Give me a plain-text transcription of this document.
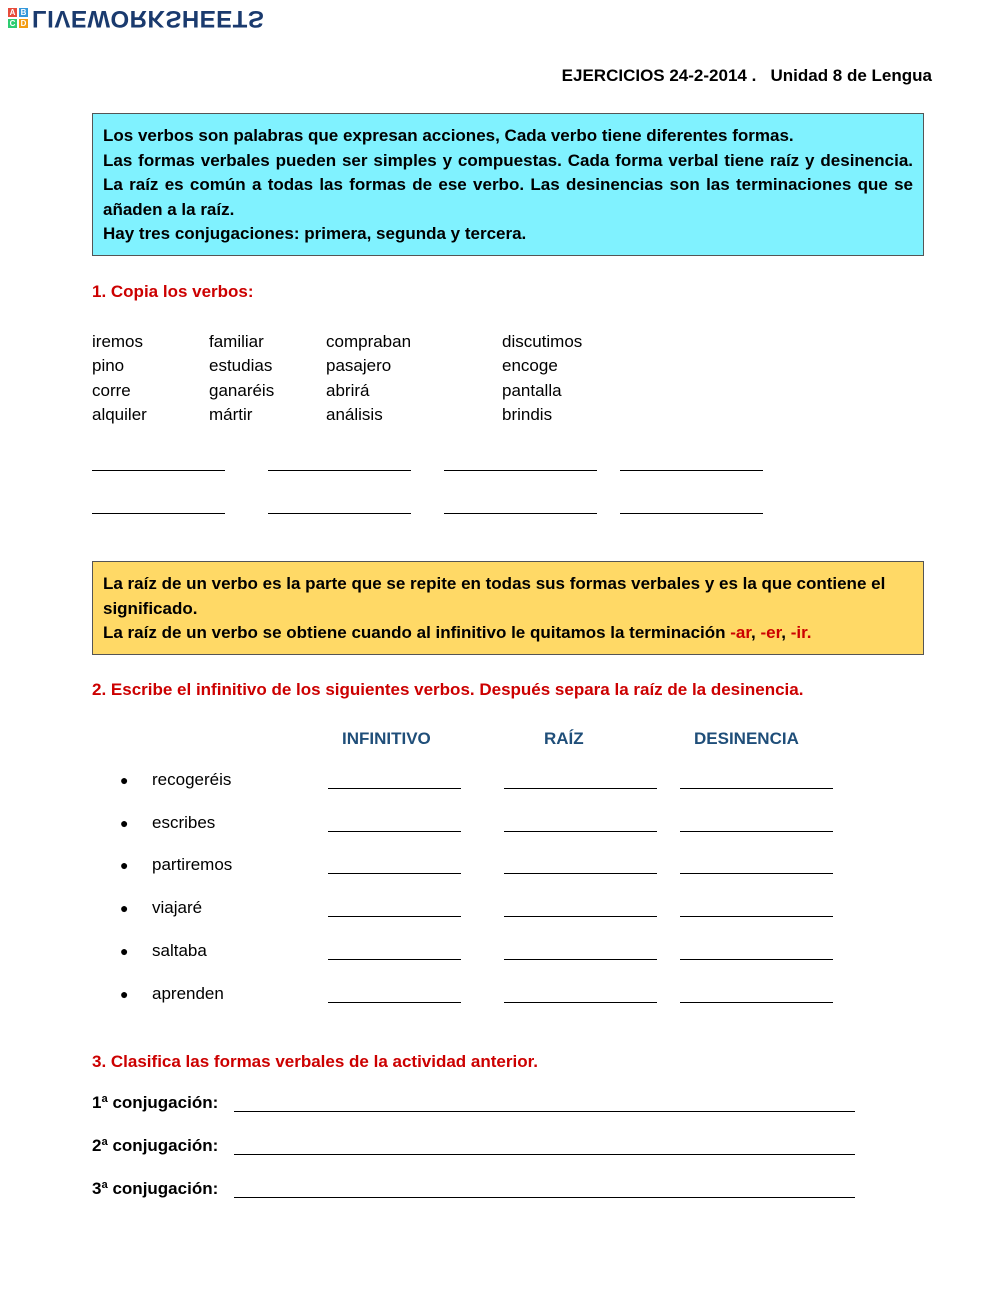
A B
C D LIVEWORKSHEETS
EJERCICIOS 24-2-2014 .   Unidad 8 de Lengua

Los verbos son palabras que expresan acciones, Cada verbo tiene diferentes formas.

Las formas verbales pueden ser simples y compuestas. Cada forma verbal tiene raíz y desinencia. La raíz es común a todas las formas de ese verbo. Las desinencias son las terminaciones que se añaden a la raíz.

Hay tres conjugaciones: primera, segunda y tercera.

1. Copia los verbos:
iremos	familiar	compraban	discutimos
pino	estudias	pasajero	encoge
corre	ganaréis	abrirá	pantalla
alquiler	mártir	análisis	brindis

La raíz de un verbo es la parte que se repite en todas sus formas verbales y es la que contiene el significado.

La raíz de un verbo se obtiene cuando al infinitivo le quitamos la terminación -ar, -er, -ir.

2. Escribe el infinitivo de los siguientes verbos. Después separa la raíz de la desinencia.
INFINITIVO	RAÍZ	DESINENCIA
●	recogeréis
●	escribes
●	partiremos
●	viajaré
●	saltaba
●	aprenden
3. Clasifica las formas verbales de la actividad anterior.
1ª conjugación:
2ª conjugación:
3ª conjugación:
